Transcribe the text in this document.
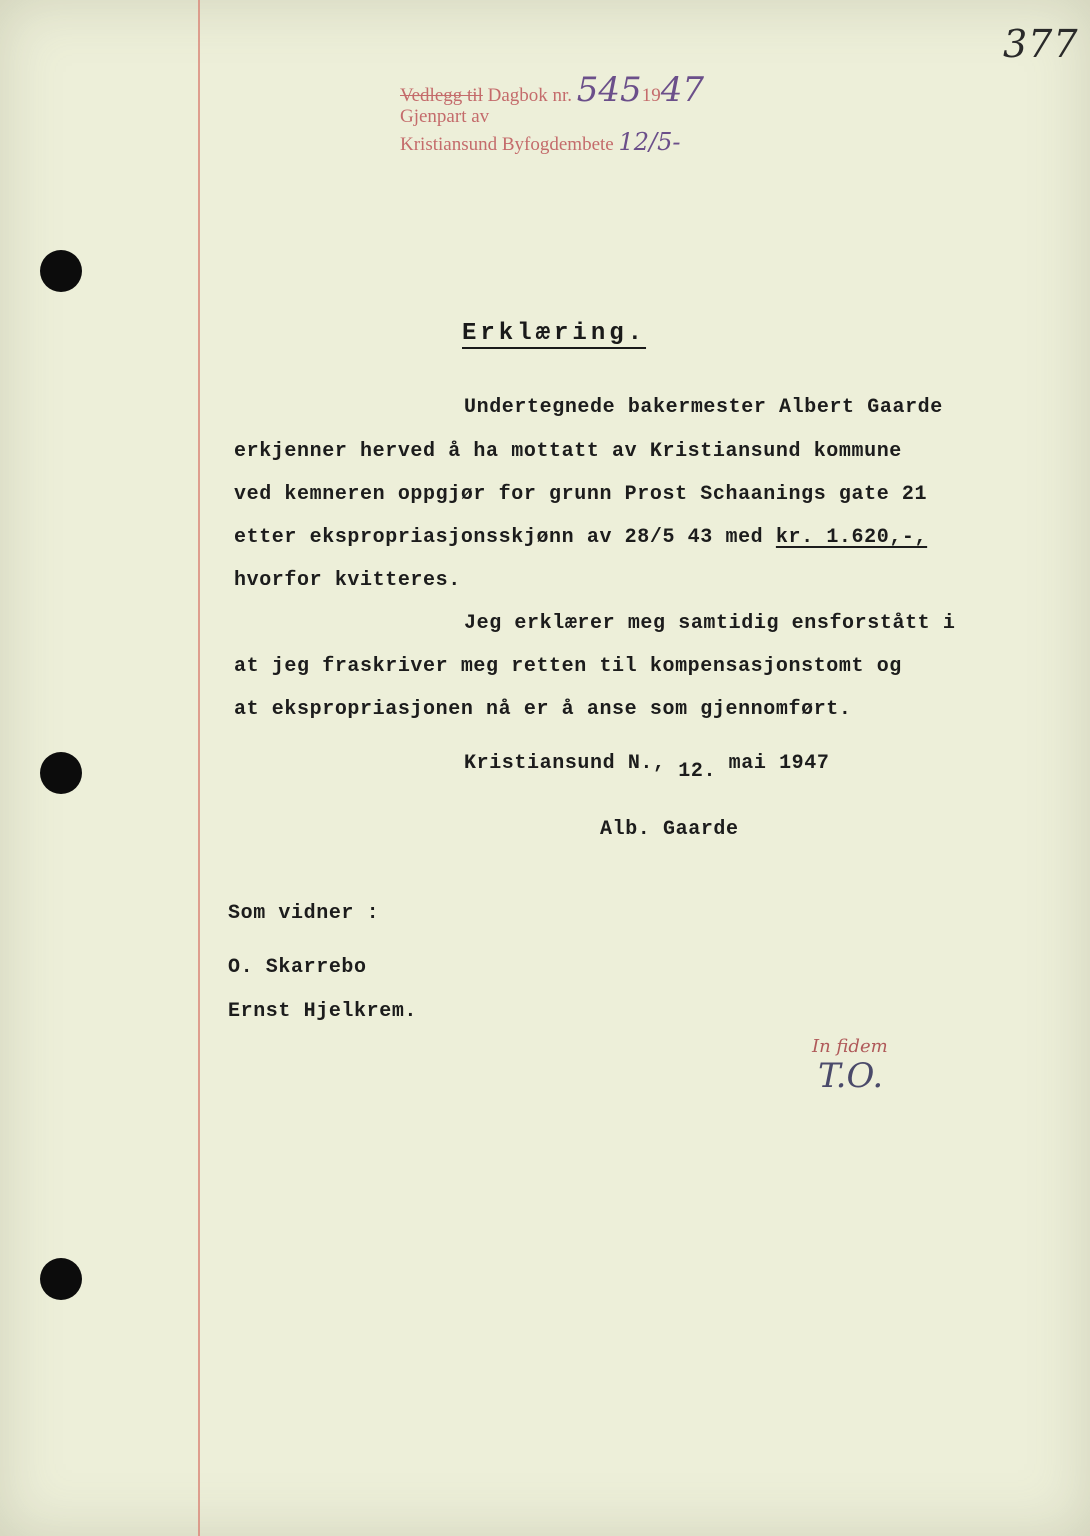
377
Vedlegg til Dagbok nr. 5451947
Gjenpart av
Kristiansund Byfogdembete 12/5-
Erklæring.
Undertegnede bakermester Albert Gaarde
erkjenner herved å ha mottatt av Kristiansund kommune
ved kemneren oppgjør for grunn Prost Schaanings gate 21
etter ekspropriasjonsskjønn av 28/5 43 med kr. 1.620,-,
hvorfor kvitteres.
Jeg erklærer meg samtidig ensforstått i
at jeg fraskriver meg retten til kompensasjonstomt og
at ekspropriasjonen nå er å anse som gjennomført.
Kristiansund N., 12. mai 1947
Alb. Gaarde
Som vidner :
O. Skarrebo
Ernst Hjelkrem.
In fidem
T.O.
